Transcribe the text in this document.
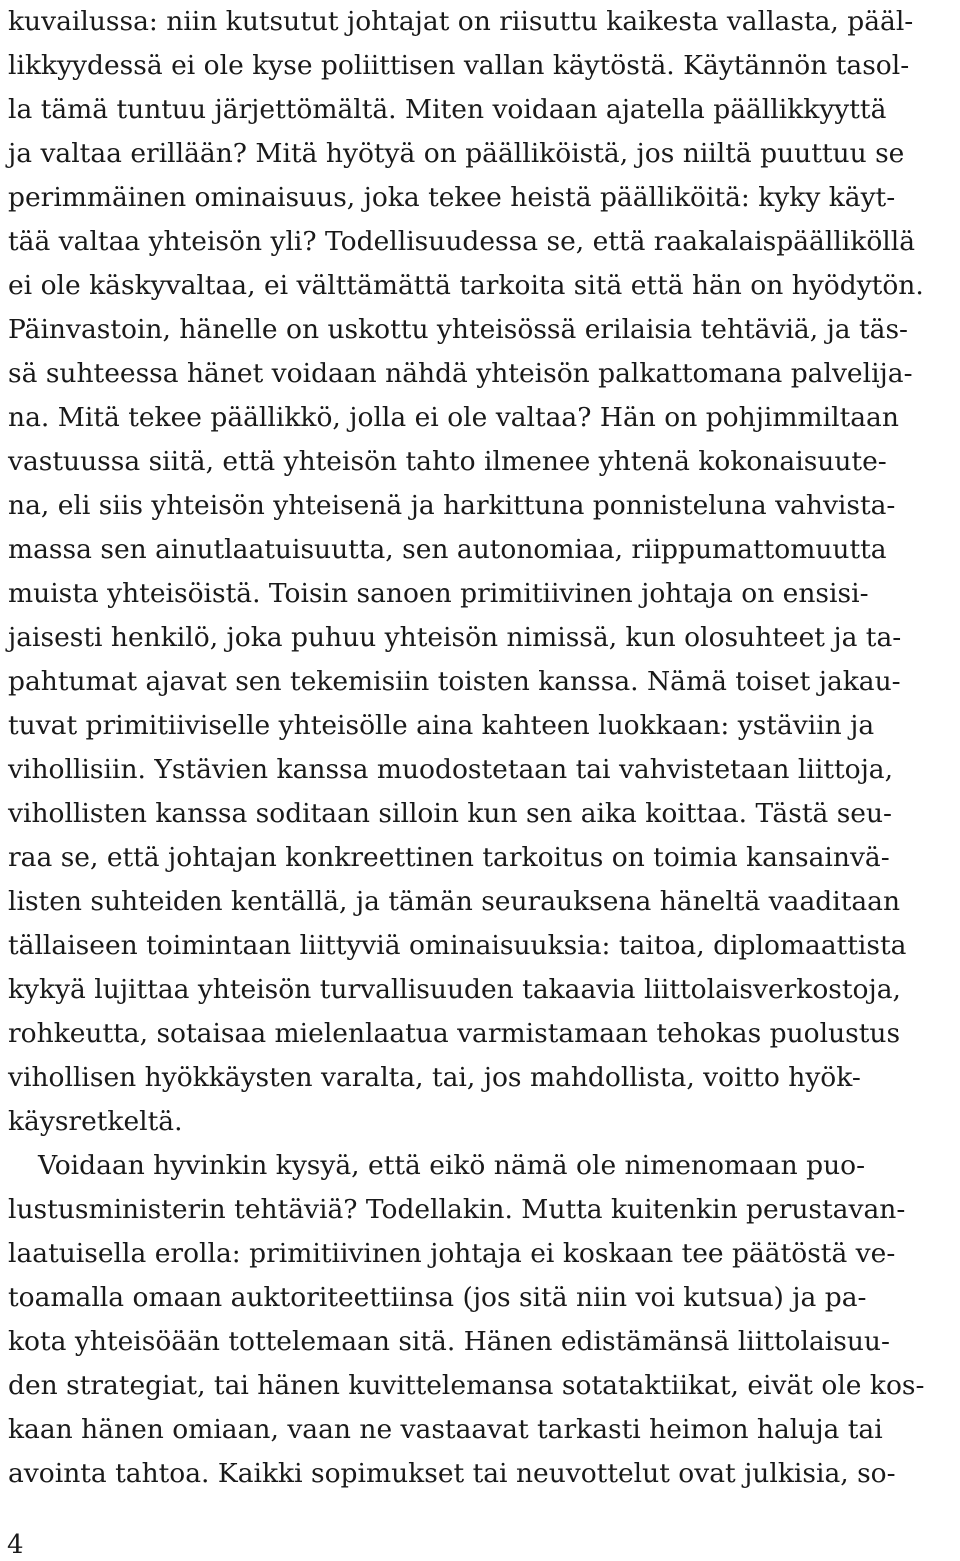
kuvailussa: niin kutsutut johtajat on riisuttu kaikesta vallasta, pääl-
likkyydessä ei ole kyse poliittisen vallan käytöstä. Käytännön tasol-
la tämä tuntuu järjettömältä. Miten voidaan ajatella päällikkyyttä
ja valtaa erillään? Mitä hyötyä on päälliköistä, jos niiltä puuttuu se
perimmäinen ominaisuus, joka tekee heistä päälliköitä: kyky käyt-
tää valtaa yhteisön yli? Todellisuudessa se, että raakalaispäälliköllä
ei ole käskyvaltaa, ei välttämättä tarkoita sitä että hän on hyödytön.
Päinvastoin, hänelle on uskottu yhteisössä erilaisia tehtäviä, ja täs-
sä suhteessa hänet voidaan nähdä yhteisön palkattomana palvelija-
na. Mitä tekee päällikkö, jolla ei ole valtaa? Hän on pohjimmiltaan
vastuussa siitä, että yhteisön tahto ilmenee yhtenä kokonaisuute-
na, eli siis yhteisön yhteisenä ja harkittuna ponnisteluna vahvista-
massa sen ainutlaatuisuutta, sen autonomiaa, riippumattomuutta
muista yhteisöistä. Toisin sanoen primitiivinen johtaja on ensisi-
jaisesti henkilö, joka puhuu yhteisön nimissä, kun olosuhteet ja ta-
pahtumat ajavat sen tekemisiin toisten kanssa. Nämä toiset jakau-
tuvat primitiiviselle yhteisölle aina kahteen luokkaan: ystäviin ja
vihollisiin. Ystävien kanssa muodostetaan tai vahvistetaan liittoja,
vihollisten kanssa soditaan silloin kun sen aika koittaa. Tästä seu-
raa se, että johtajan konkreettinen tarkoitus on toimia kansainvä-
listen suhteiden kentällä, ja tämän seurauksena häneltä vaaditaan
tällaiseen toimintaan liittyviä ominaisuuksia: taitoa, diplomaattista
kykyä lujittaa yhteisön turvallisuuden takaavia liittolaisverkostoja,
rohkeutta, sotaisaa mielenlaatua varmistamaan tehokas puolustus
vihollisen hyökkäysten varalta, tai, jos mahdollista, voitto hyök-
käysretkeltä.
Voidaan hyvinkin kysyä, että eikö nämä ole nimenomaan puo-
lustusministerin tehtäviä? Todellakin. Mutta kuitenkin perustavan-
laatuisella erolla: primitiivinen johtaja ei koskaan tee päätöstä ve-
toamalla omaan auktoriteettiinsa (jos sitä niin voi kutsua) ja pa-
kota yhteisöään tottelemaan sitä. Hänen edistämänsä liittolaisuu-
den strategiat, tai hänen kuvittelemansa sotataktiikat, eivät ole kos-
kaan hänen omiaan, vaan ne vastaavat tarkasti heimon haluja tai
avointa tahtoa. Kaikki sopimukset tai neuvottelut ovat julkisia, so-
4
